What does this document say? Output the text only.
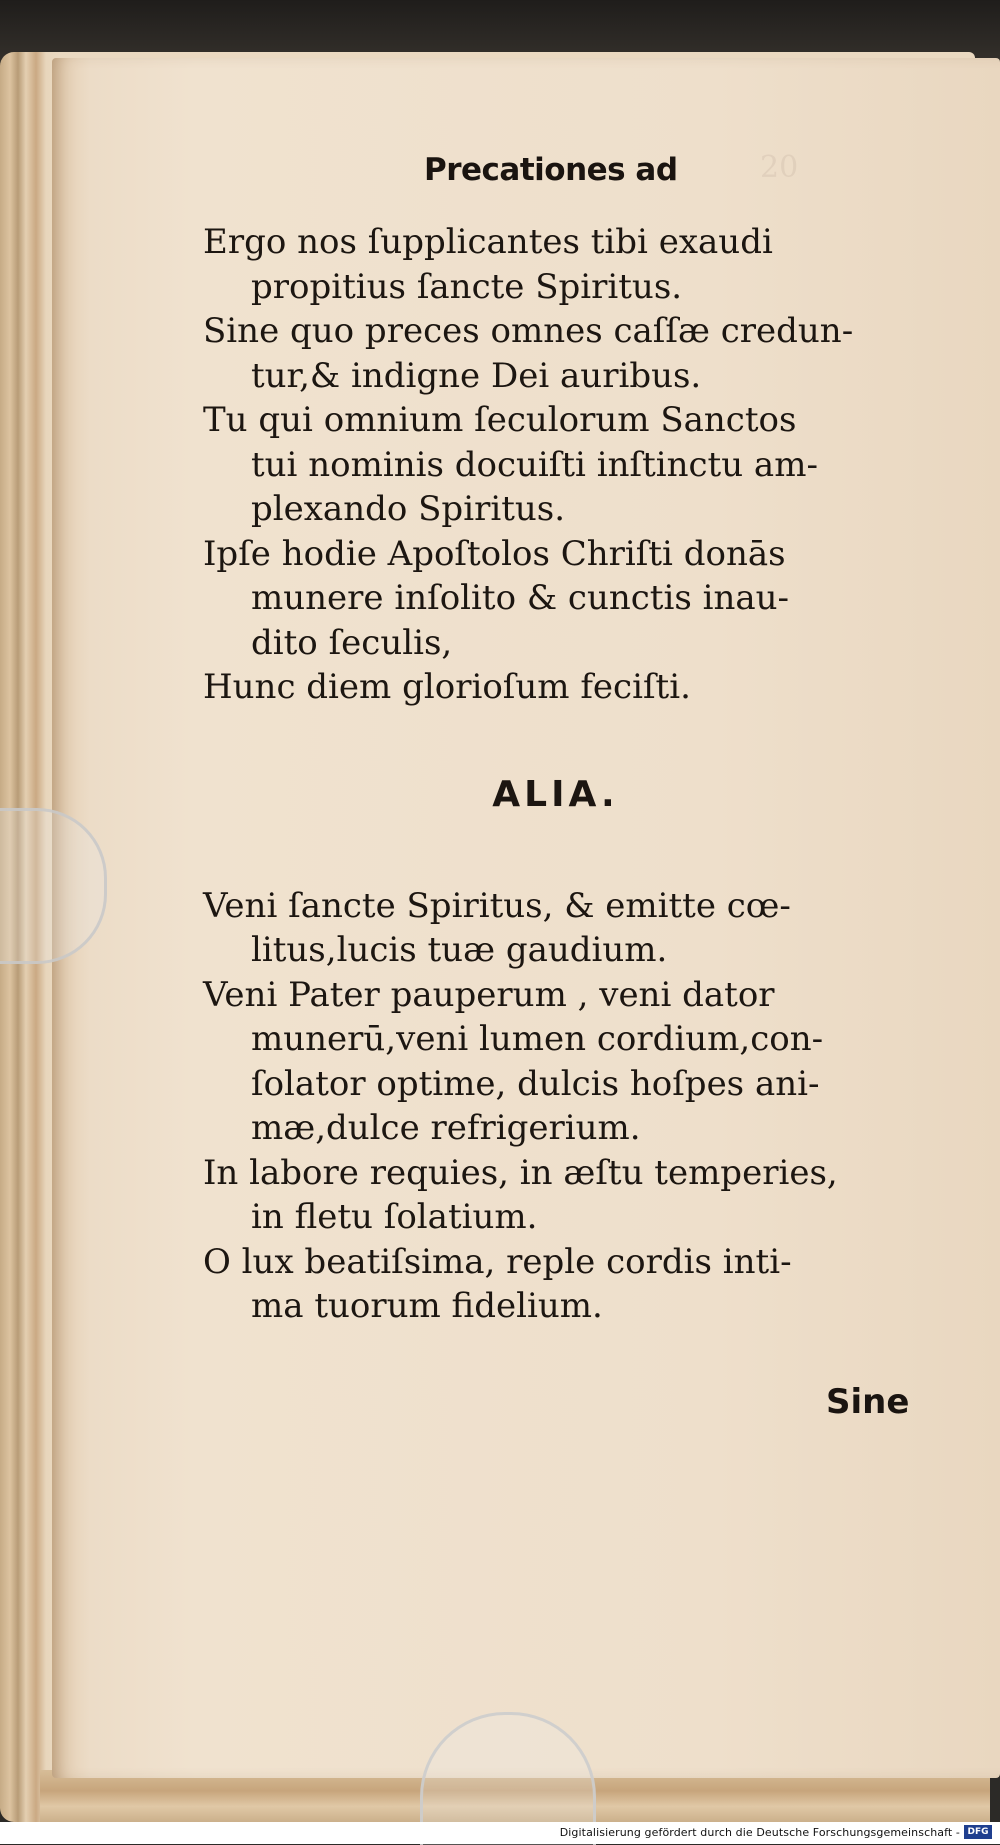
20
Precationes ad
Ergo nos ſupplicantes tibi exaudi
propitius ſancte Spiritus.
Sine quo preces omnes caſſæ credun-
tur,& indigne Dei auribus.
Tu qui omnium ſeculorum Sanctos
tui nominis docuiſti inſtinctu am-
plexando Spiritus.
Ipſe hodie Apoſtolos Chriſti donās
munere inſolito & cunctis inau-
dito ſeculis,
Hunc diem glorioſum feciſti.
ALIA.
Veni ſancte Spiritus, & emitte cœ-
litus,lucis tuæ gaudium.
Veni Pater pauperum , veni dator
munerū,veni lumen cordium,con-
ſolator optime, dulcis hoſpes ani-
mæ,dulce refrigerium.
In labore requies, in æſtu temperies,
in fletu ſolatium.
O lux beatiſsima, reple cordis inti-
ma tuorum fidelium.
Sine
Digitalisierung gefördert durch die Deutsche Forschungsgemeinschaft - DFG
